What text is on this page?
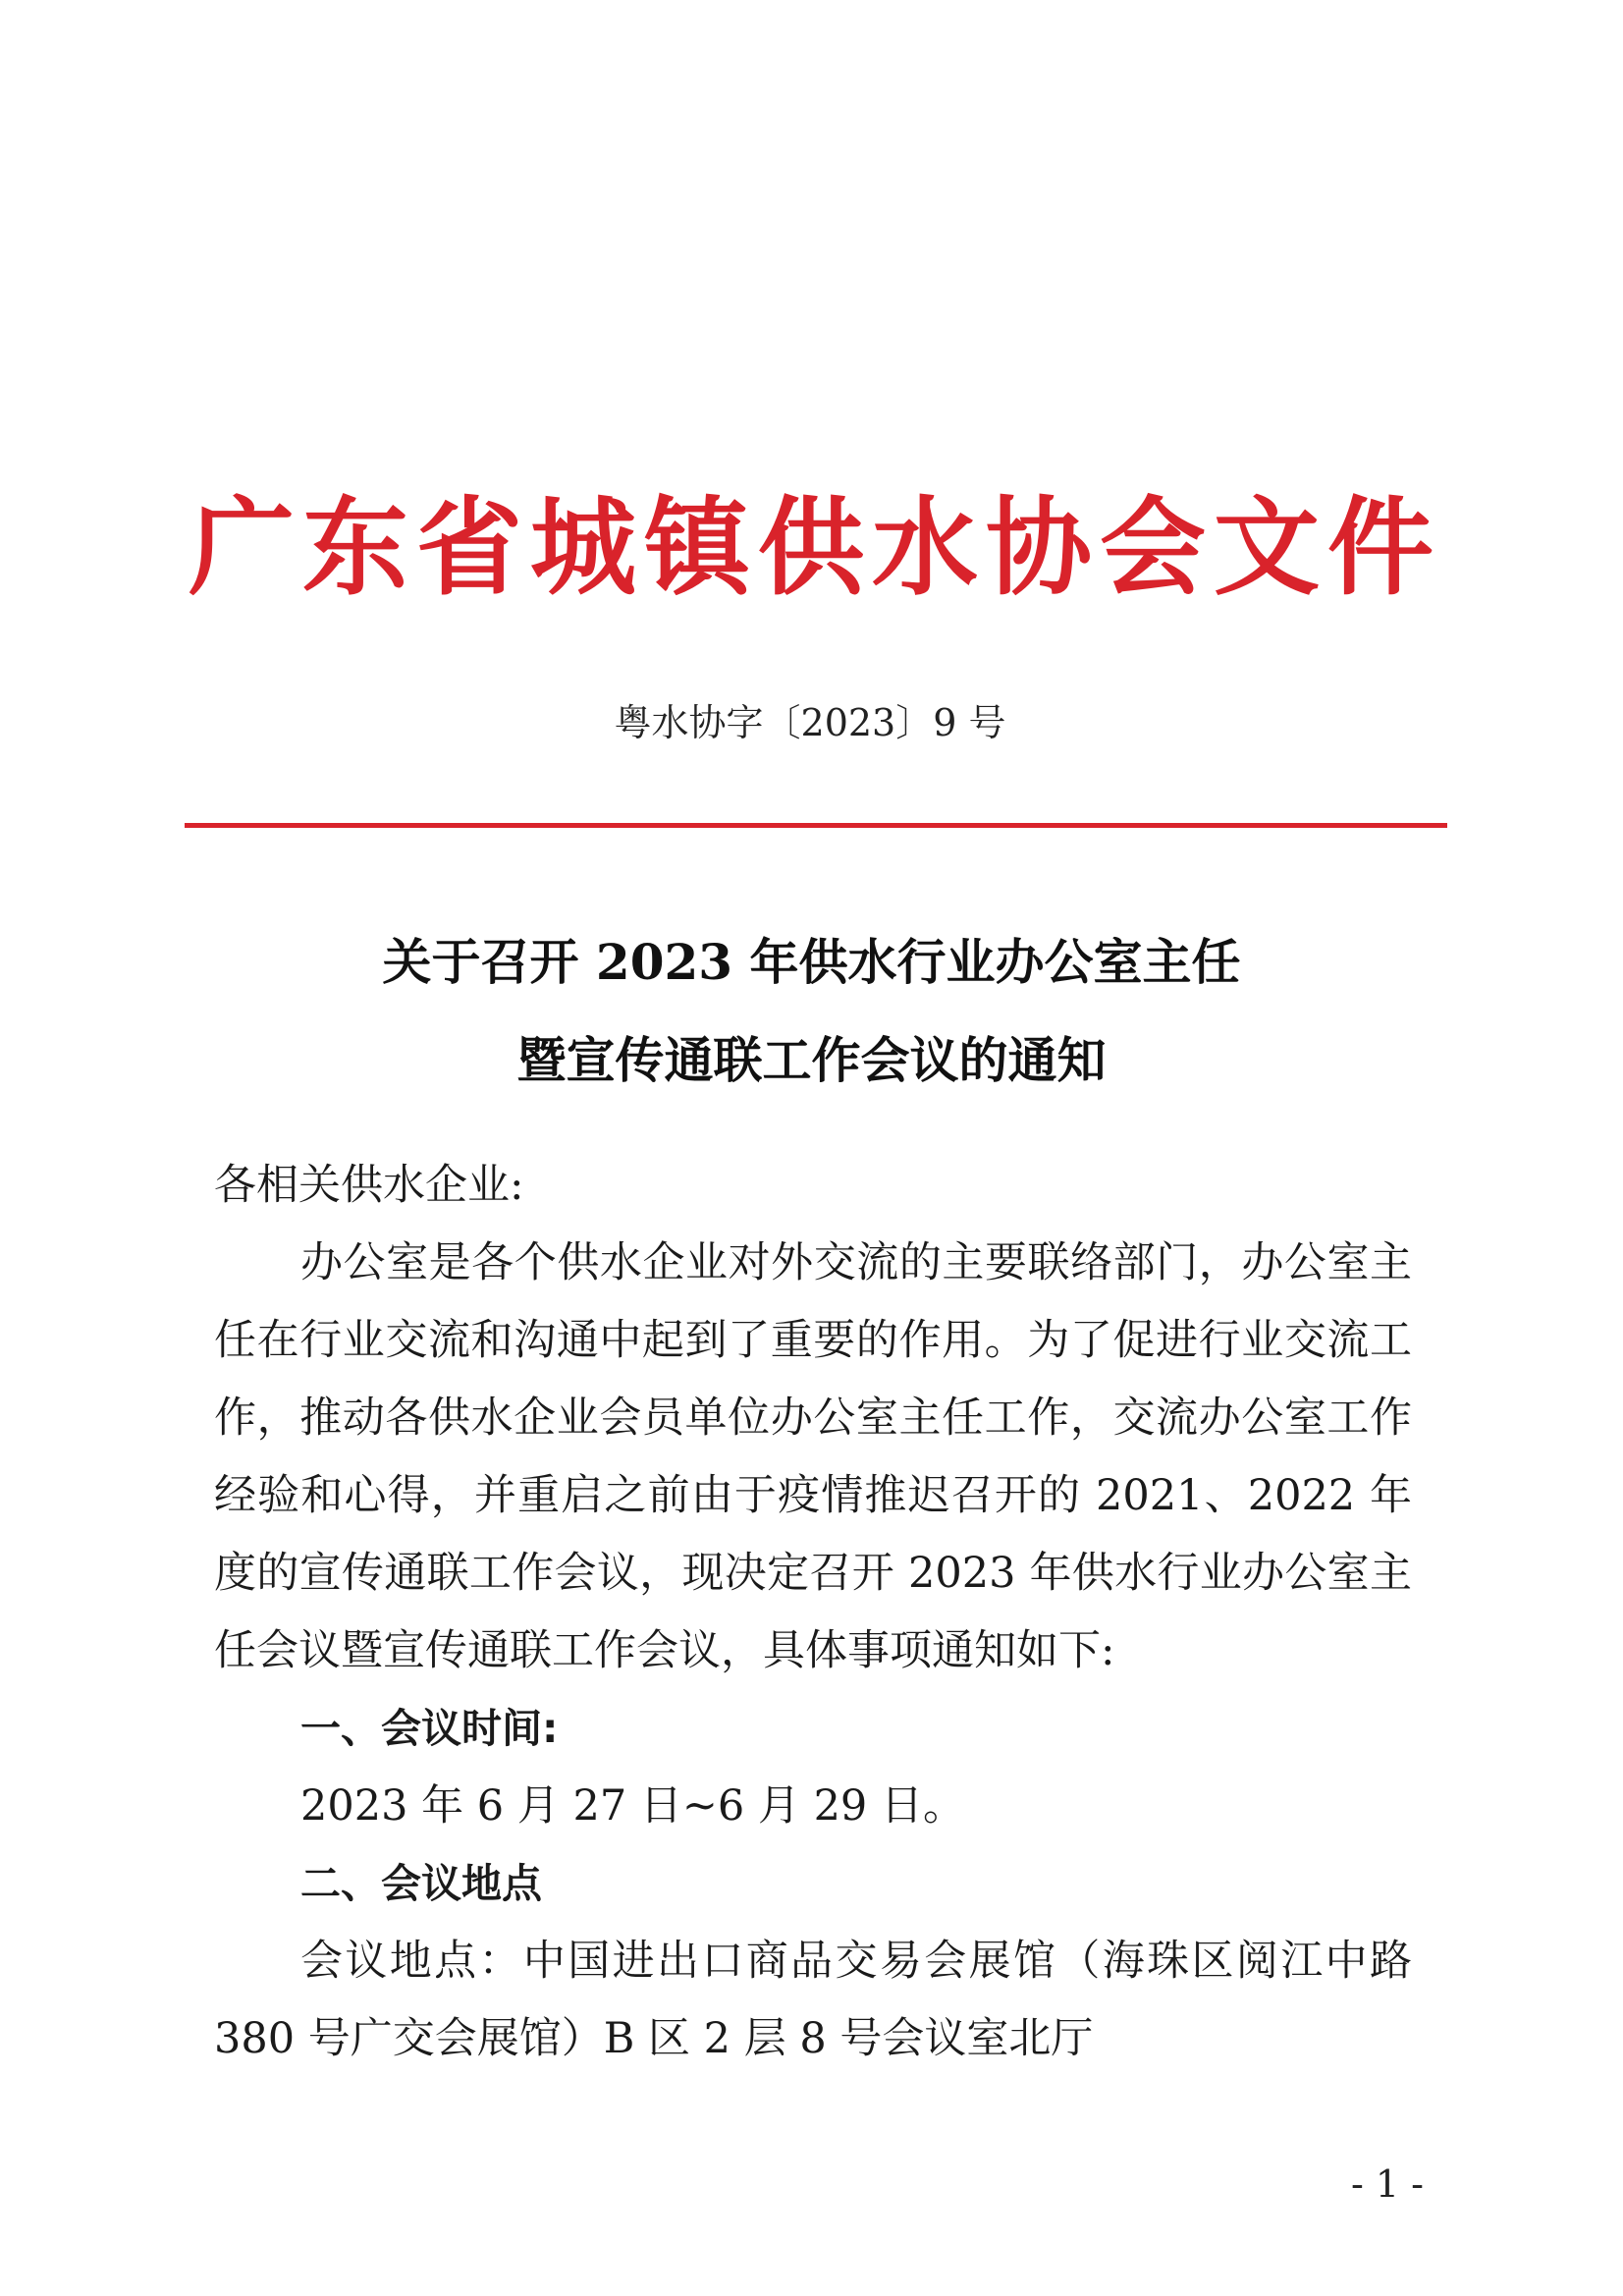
广东省城镇供水协会文件
粤水协字〔2023〕9 号
关于召开 2023 年供水行业办公室主任
暨宣传通联工作会议的通知

各相关供水企业:

办公室是各个供水企业对外交流的主要联络部门，办公室主任在行业交流和沟通中起到了重要的作用。为了促进行业交流工作，推动各供水企业会员单位办公室主任工作，交流办公室工作经验和心得，并重启之前由于疫情推迟召开的 2021、2022 年度的宣传通联工作会议，现决定召开 2023 年供水行业办公室主任会议暨宣传通联工作会议，具体事项通知如下:

一、会议时间:

2023 年 6 月 27 日~6 月 29 日。

二、会议地点

会议地点：中国进出口商品交易会展馆（海珠区阅江中路 380 号广交会展馆）B 区 2 层 8 号会议室北厅

- 1 -
